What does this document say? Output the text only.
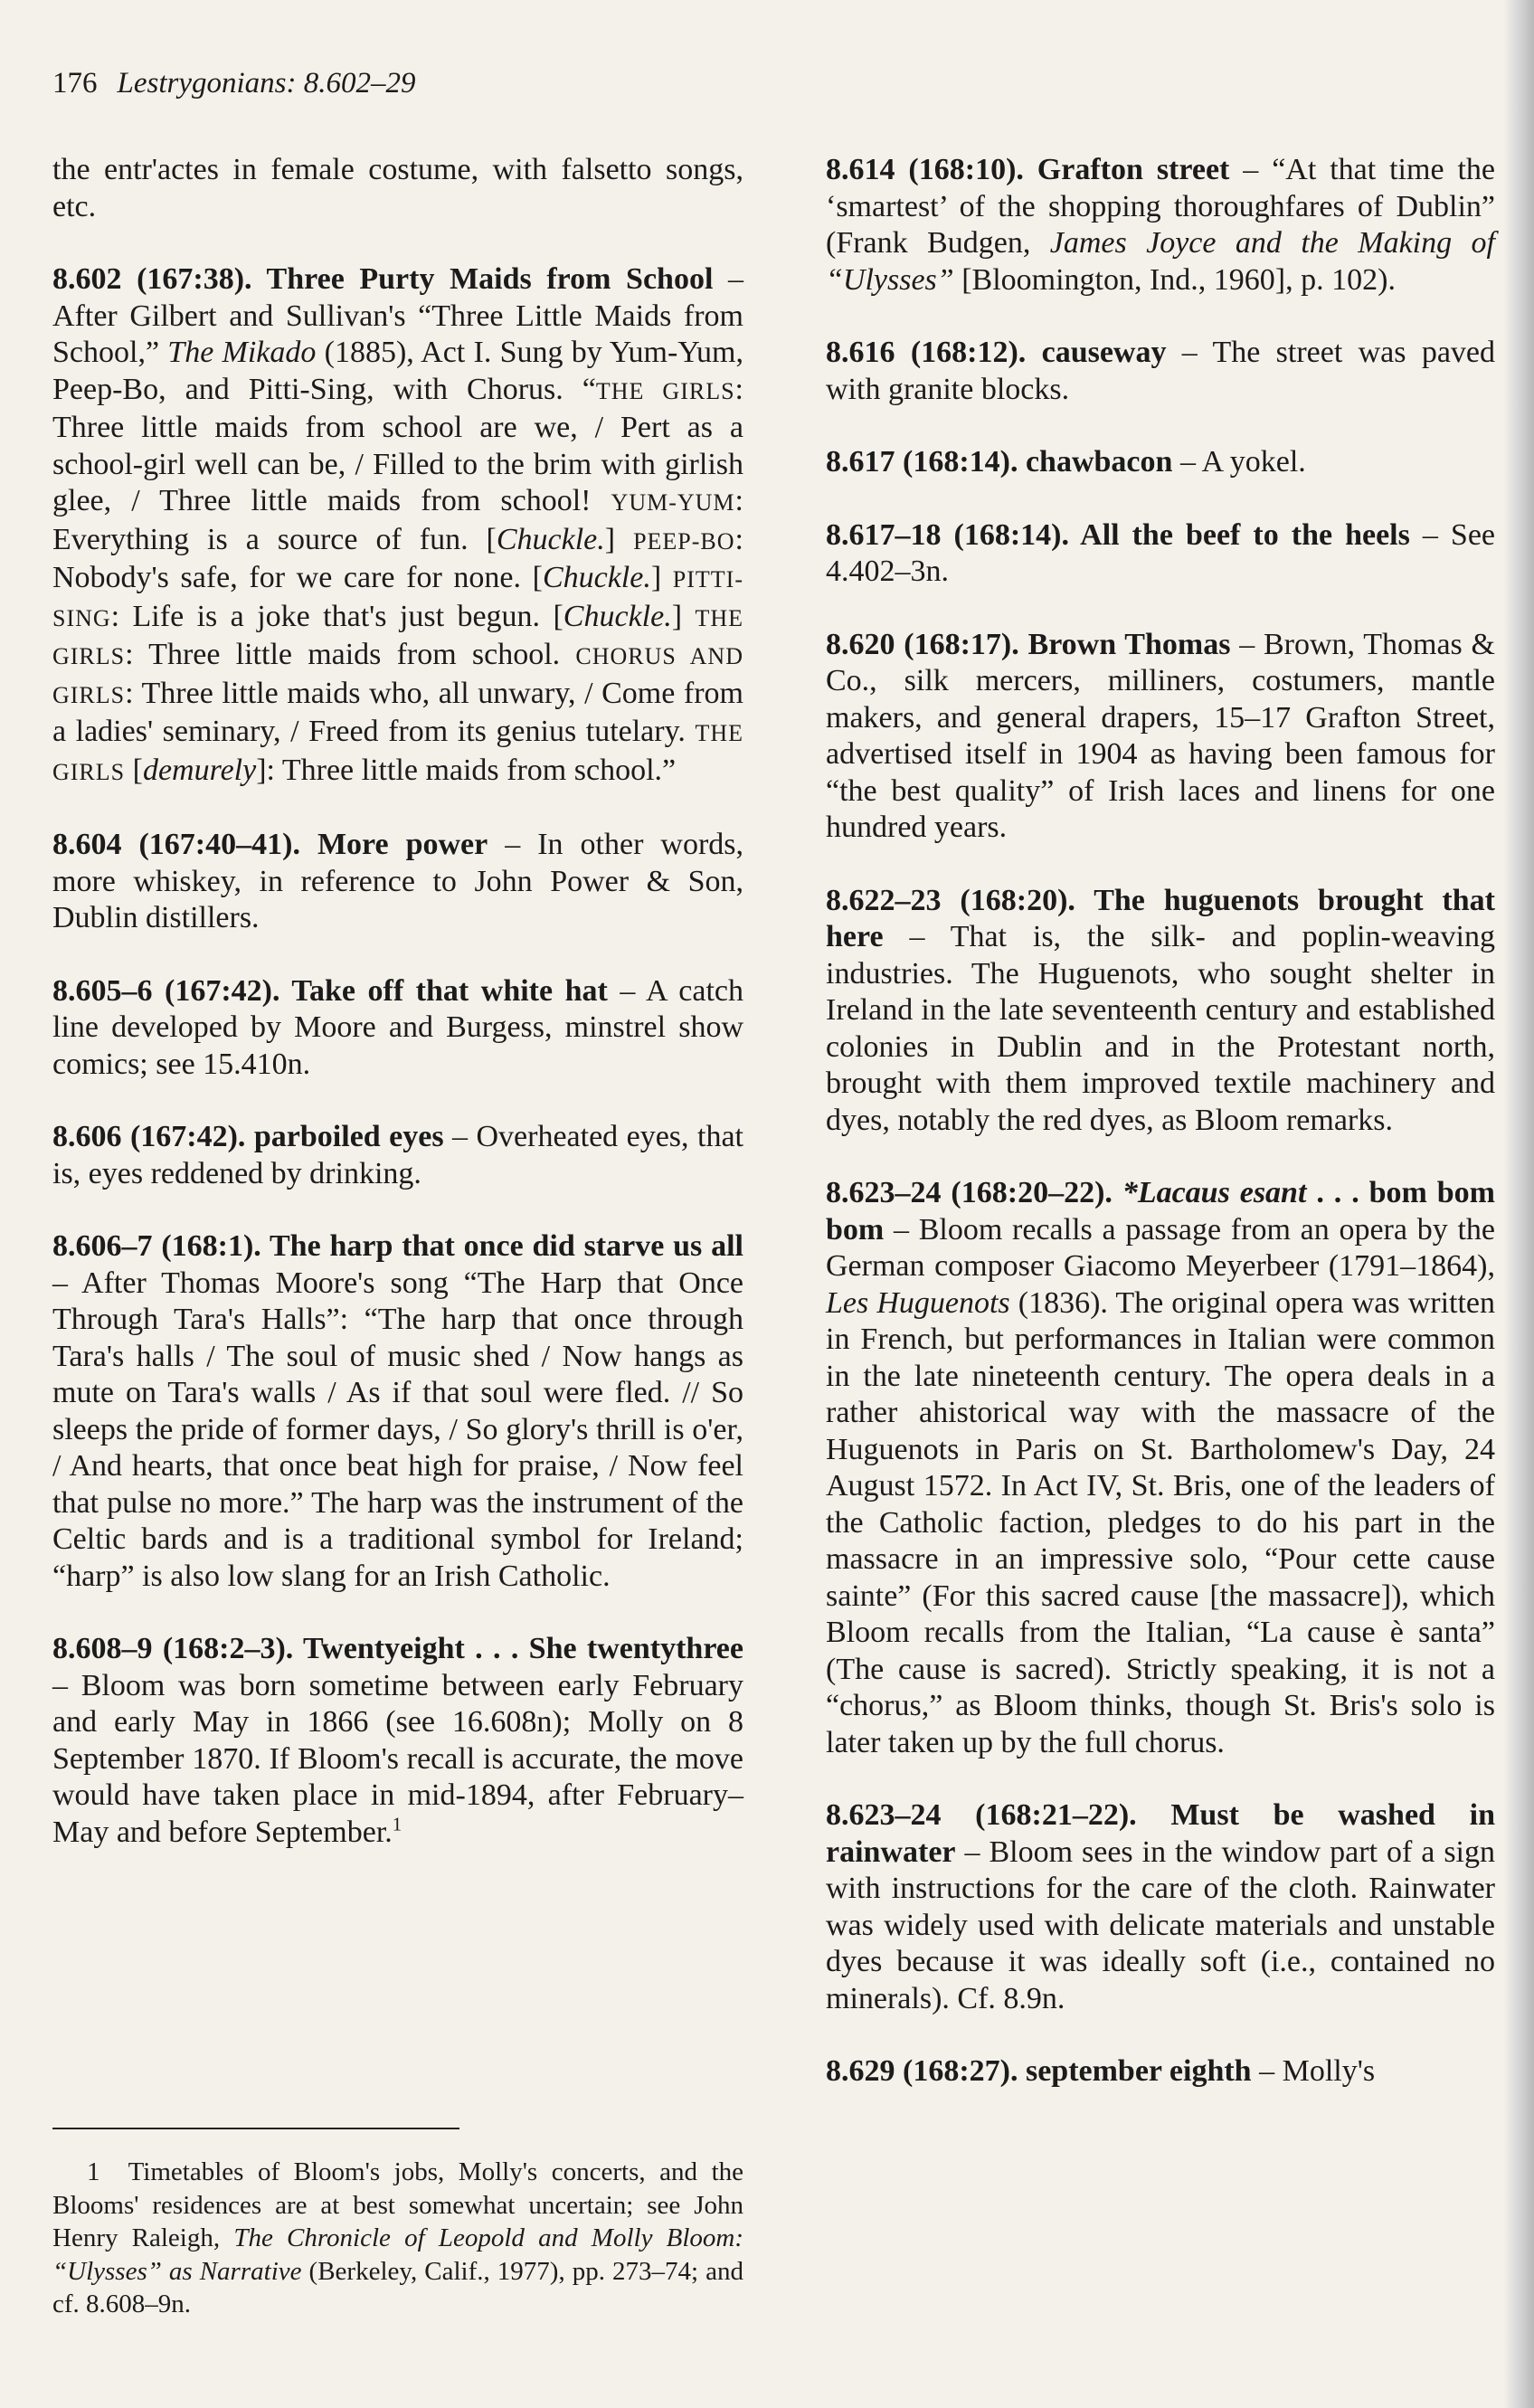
176 Lestrygonians: 8.602–29

the entr'actes in female costume, with falsetto songs, etc.

8.602 (167:38). Three Purty Maids from School – After Gilbert and Sullivan's “Three Little Maids from School,” The Mikado (1885), Act I. Sung by Yum-Yum, Peep-Bo, and Pitti-Sing, with Chorus. “THE GIRLS: Three little maids from school are we, / Pert as a school-girl well can be, / Filled to the brim with girlish glee, / Three little maids from school! YUM-YUM: Everything is a source of fun. [Chuckle.] PEEP-BO: Nobody's safe, for we care for none. [Chuckle.] PITTI-SING: Life is a joke that's just begun. [Chuckle.] THE GIRLS: Three little maids from school. CHORUS AND GIRLS: Three little maids who, all unwary, / Come from a ladies' seminary, / Freed from its genius tutelary. THE GIRLS [demurely]: Three little maids from school.”

8.604 (167:40–41). More power – In other words, more whiskey, in reference to John Power & Son, Dublin distillers.

8.605–6 (167:42). Take off that white hat – A catch line developed by Moore and Burgess, minstrel show comics; see 15.410n.

8.606 (167:42). parboiled eyes – Overheated eyes, that is, eyes reddened by drinking.

8.606–7 (168:1). The harp that once did starve us all – After Thomas Moore's song “The Harp that Once Through Tara's Halls”: “The harp that once through Tara's halls / The soul of music shed / Now hangs as mute on Tara's walls / As if that soul were fled. // So sleeps the pride of former days, / So glory's thrill is o'er, / And hearts, that once beat high for praise, / Now feel that pulse no more.” The harp was the instrument of the Celtic bards and is a traditional symbol for Ireland; “harp” is also low slang for an Irish Catholic.

8.608–9 (168:2–3). Twentyeight . . . She twentythree – Bloom was born sometime between early February and early May in 1866 (see 16.608n); Molly on 8 September 1870. If Bloom's recall is accurate, the move would have taken place in mid-1894, after February–May and before September.$^1$

1 Timetables of Bloom's jobs, Molly's concerts, and the Blooms' residences are at best somewhat uncertain; see John Henry Raleigh, The Chronicle of Leopold and Molly Bloom: “Ulysses” as Narrative (Berkeley, Calif., 1977), pp. 273–74; and cf. 8.608–9n.

8.614 (168:10). Grafton street – “At that time the ‘smartest’ of the shopping thoroughfares of Dublin” (Frank Budgen, James Joyce and the Making of “Ulysses” [Bloomington, Ind., 1960], p. 102).

8.616 (168:12). causeway – The street was paved with granite blocks.

8.617 (168:14). chawbacon – A yokel.

8.617–18 (168:14). All the beef to the heels – See 4.402–3n.

8.620 (168:17). Brown Thomas – Brown, Thomas & Co., silk mercers, milliners, costumers, mantle makers, and general drapers, 15–17 Grafton Street, advertised itself in 1904 as having been famous for “the best quality” of Irish laces and linens for one hundred years.

8.622–23 (168:20). The huguenots brought that here – That is, the silk- and poplin-weaving industries. The Huguenots, who sought shelter in Ireland in the late seventeenth century and established colonies in Dublin and in the Protestant north, brought with them improved textile machinery and dyes, notably the red dyes, as Bloom remarks.

8.623–24 (168:20–22). *Lacaus esant . . . bom bom bom – Bloom recalls a passage from an opera by the German composer Giacomo Meyerbeer (1791–1864), Les Huguenots (1836). The original opera was written in French, but performances in Italian were common in the late nineteenth century. The opera deals in a rather ahistorical way with the massacre of the Huguenots in Paris on St. Bartholomew's Day, 24 August 1572. In Act IV, St. Bris, one of the leaders of the Catholic faction, pledges to do his part in the massacre in an impressive solo, “Pour cette cause sainte” (For this sacred cause [the massacre]), which Bloom recalls from the Italian, “La cause è santa” (The cause is sacred). Strictly speaking, it is not a “chorus,” as Bloom thinks, though St. Bris's solo is later taken up by the full chorus.

8.623–24 (168:21–22). Must be washed in rainwater – Bloom sees in the window part of a sign with instructions for the care of the cloth. Rainwater was widely used with delicate materials and unstable dyes because it was ideally soft (i.e., contained no minerals). Cf. 8.9n.

8.629 (168:27). september eighth – Molly's
